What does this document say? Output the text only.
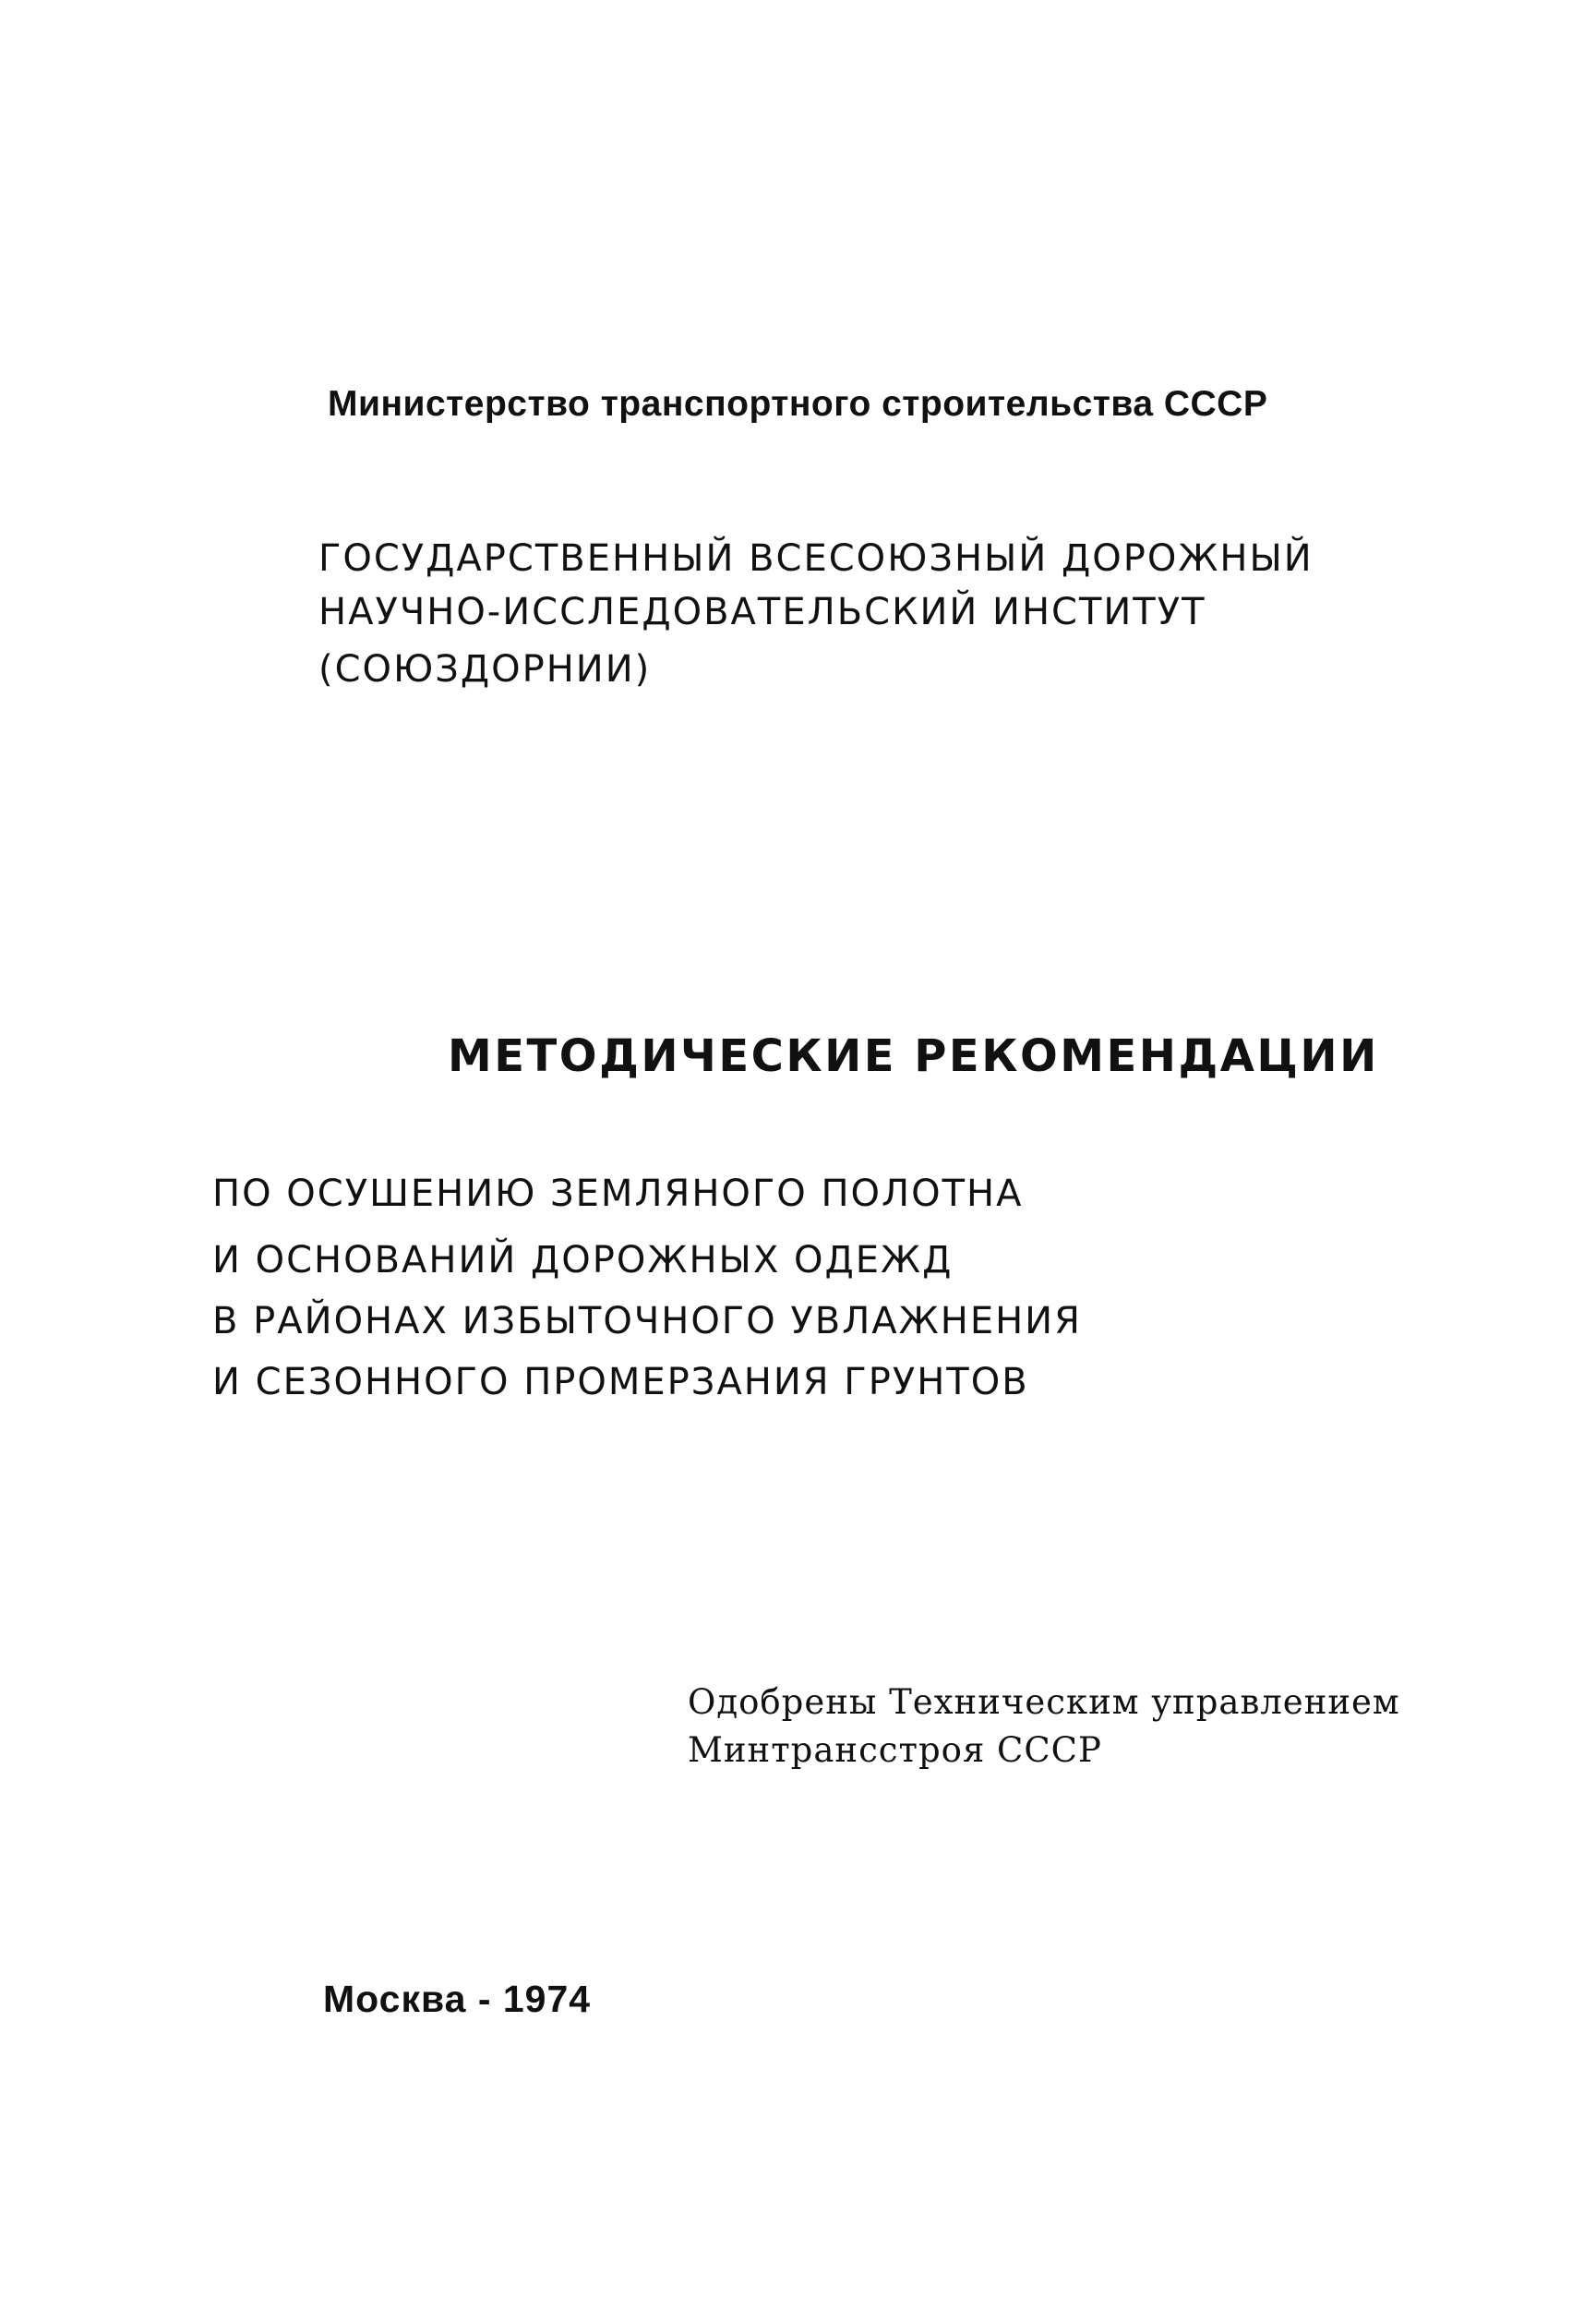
Министерство транспортного строительства СССР

ГОСУДАРСТВЕННЫЙ ВСЕСОЮЗНЫЙ ДОРОЖНЫЙ

НАУЧНО-ИССЛЕДОВАТЕЛЬСКИЙ ИНСТИТУТ

(СОЮЗДОРНИИ)

МЕТОДИЧЕСКИЕ РЕКОМЕНДАЦИИ

ПО ОСУШЕНИЮ ЗЕМЛЯНОГО ПОЛОТНА

И ОСНОВАНИЙ ДОРОЖНЫХ ОДЕЖД

В РАЙОНАХ ИЗБЫТОЧНОГО УВЛАЖНЕНИЯ

И СЕЗОННОГО ПРОМЕРЗАНИЯ ГРУНТОВ

Одобрены Техническим управлением

Минтрансстроя СССР

Москва - 1974
